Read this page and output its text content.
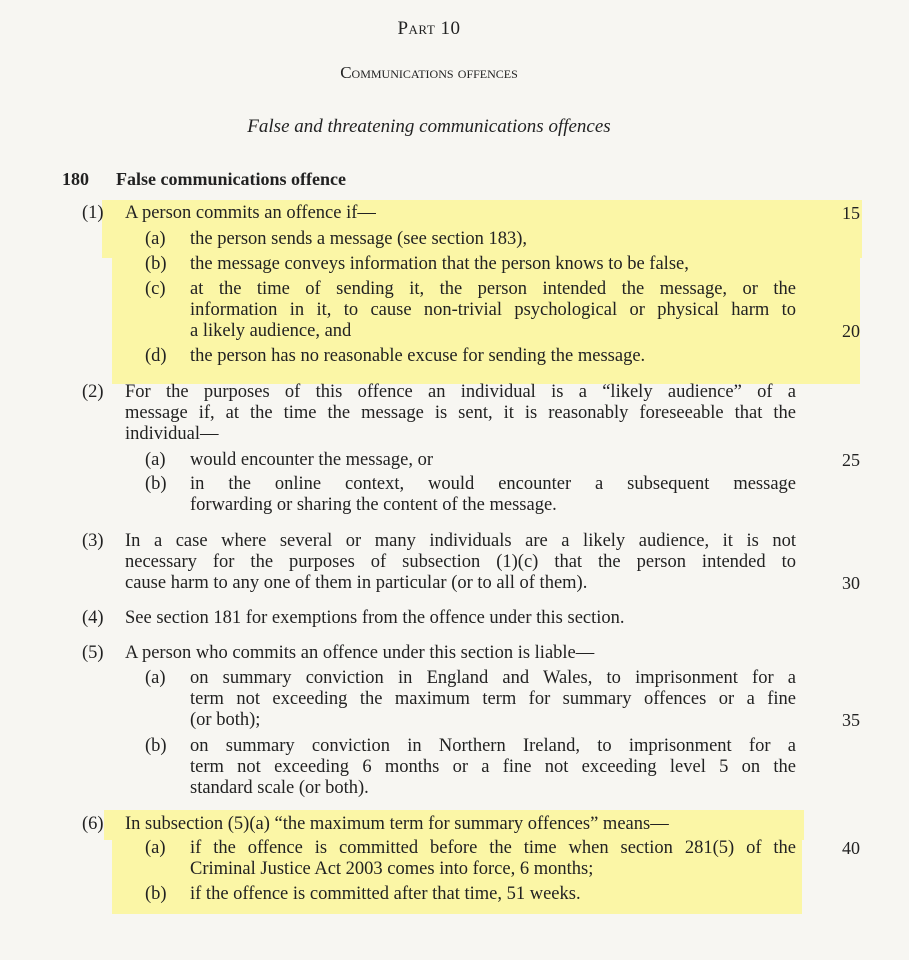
Part 10
Communications offences
False and threatening communications offences
180 False communications offence
(1) A person commits an offence if—
(a) the person sends a message (see section 183),
(b) the message conveys information that the person knows to be false,
(c) at the time of sending it, the person intended the message, or the
information in it, to cause non-trivial psychological or physical harm to
a likely audience, and
(d) the person has no reasonable excuse for sending the message.
(2) For the purposes of this offence an individual is a “likely audience” of a
message if, at the time the message is sent, it is reasonably foreseeable that the
individual—
(a) would encounter the message, or
(b) in the online context, would encounter a subsequent message
forwarding or sharing the content of the message.
(3) In a case where several or many individuals are a likely audience, it is not
necessary for the purposes of subsection (1)(c) that the person intended to
cause harm to any one of them in particular (or to all of them).
(4) See section 181 for exemptions from the offence under this section.
(5) A person who commits an offence under this section is liable—
(a) on summary conviction in England and Wales, to imprisonment for a
term not exceeding the maximum term for summary offences or a fine
(or both);
(b) on summary conviction in Northern Ireland, to imprisonment for a
term not exceeding 6 months or a fine not exceeding level 5 on the
standard scale (or both).
(6) In subsection (5)(a) “the maximum term for summary offences” means—
(a) if the offence is committed before the time when section 281(5) of the
Criminal Justice Act 2003 comes into force, 6 months;
(b) if the offence is committed after that time, 51 weeks.
15
20
25
30
35
40
